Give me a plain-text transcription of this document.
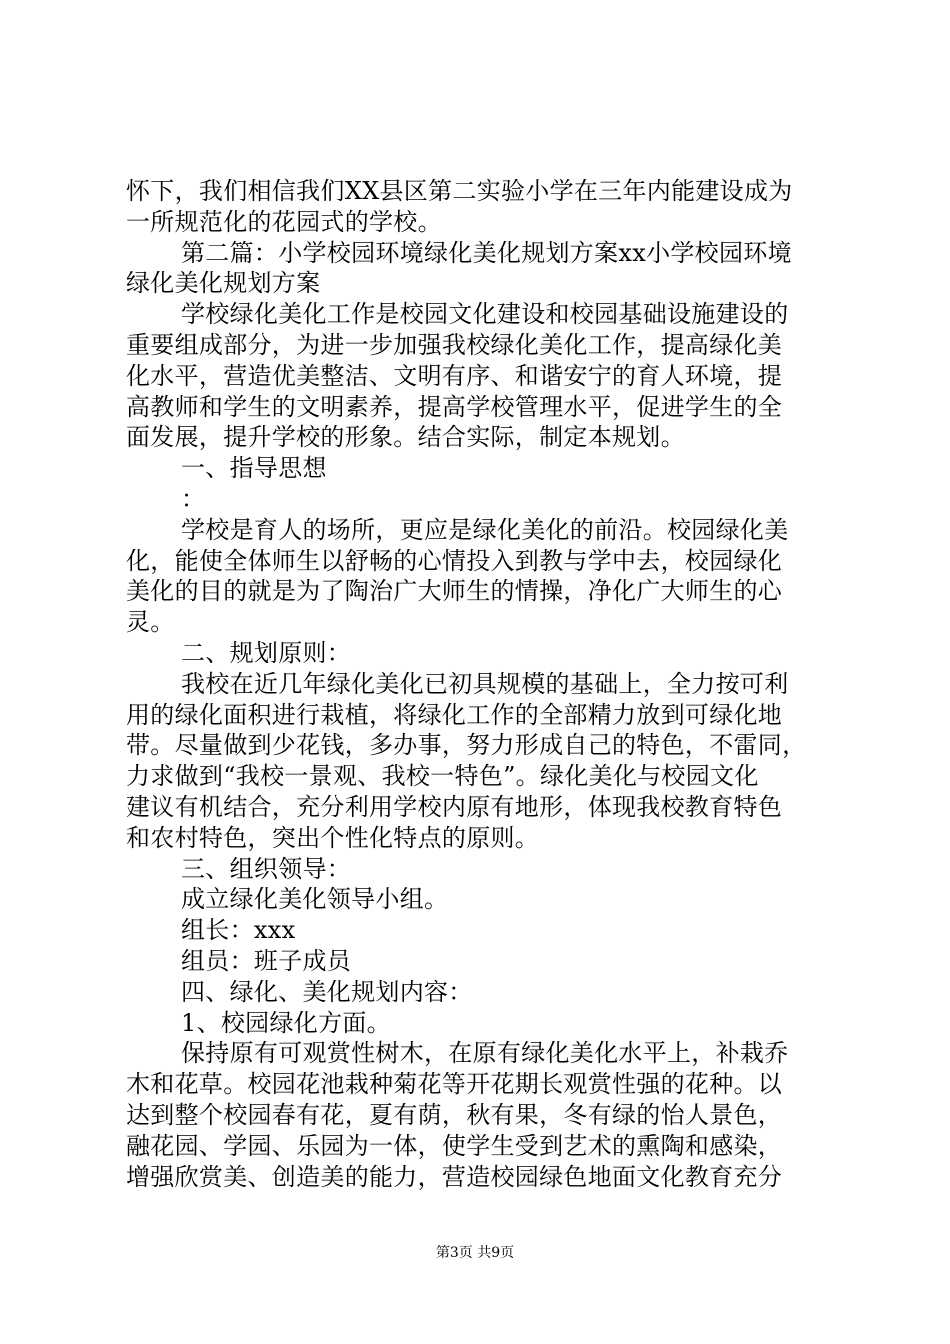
怀下，我们相信我们XX县区第二实验小学在三年内能建设成为
一所规范化的花园式的学校。
第二篇：小学校园环境绿化美化规划方案xx小学校园环境
绿化美化规划方案
学校绿化美化工作是校园文化建设和校园基础设施建设的
重要组成部分，为进一步加强我校绿化美化工作，提高绿化美
化水平，营造优美整洁、文明有序、和谐安宁的育人环境，提
高教师和学生的文明素养，提高学校管理水平，促进学生的全
面发展，提升学校的形象。结合实际，制定本规划。
一、指导思想
：
学校是育人的场所，更应是绿化美化的前沿。校园绿化美
化，能使全体师生以舒畅的心情投入到教与学中去，校园绿化
美化的目的就是为了陶治广大师生的情操，净化广大师生的心
灵。
二、规划原则：
我校在近几年绿化美化已初具规模的基础上，全力按可利
用的绿化面积进行栽植，将绿化工作的全部精力放到可绿化地
带。尽量做到少花钱，多办事，努力形成自己的特色，不雷同，
力求做到“我校一景观、我校一特色”。绿化美化与校园文化
建议有机结合，充分利用学校内原有地形，体现我校教育特色
和农村特色，突出个性化特点的原则。
三、组织领导：
成立绿化美化领导小组。
组长：xxx
组员：班子成员
四、绿化、美化规划内容：
1、校园绿化方面。
保持原有可观赏性树木，在原有绿化美化水平上，补栽乔
木和花草。校园花池栽种菊花等开花期长观赏性强的花种。以
达到整个校园春有花，夏有荫，秋有果，冬有绿的怡人景色，
融花园、学园、乐园为一体，使学生受到艺术的熏陶和感染，
增强欣赏美、创造美的能力，营造校园绿色地面文化教育充分
第3页 共9页
